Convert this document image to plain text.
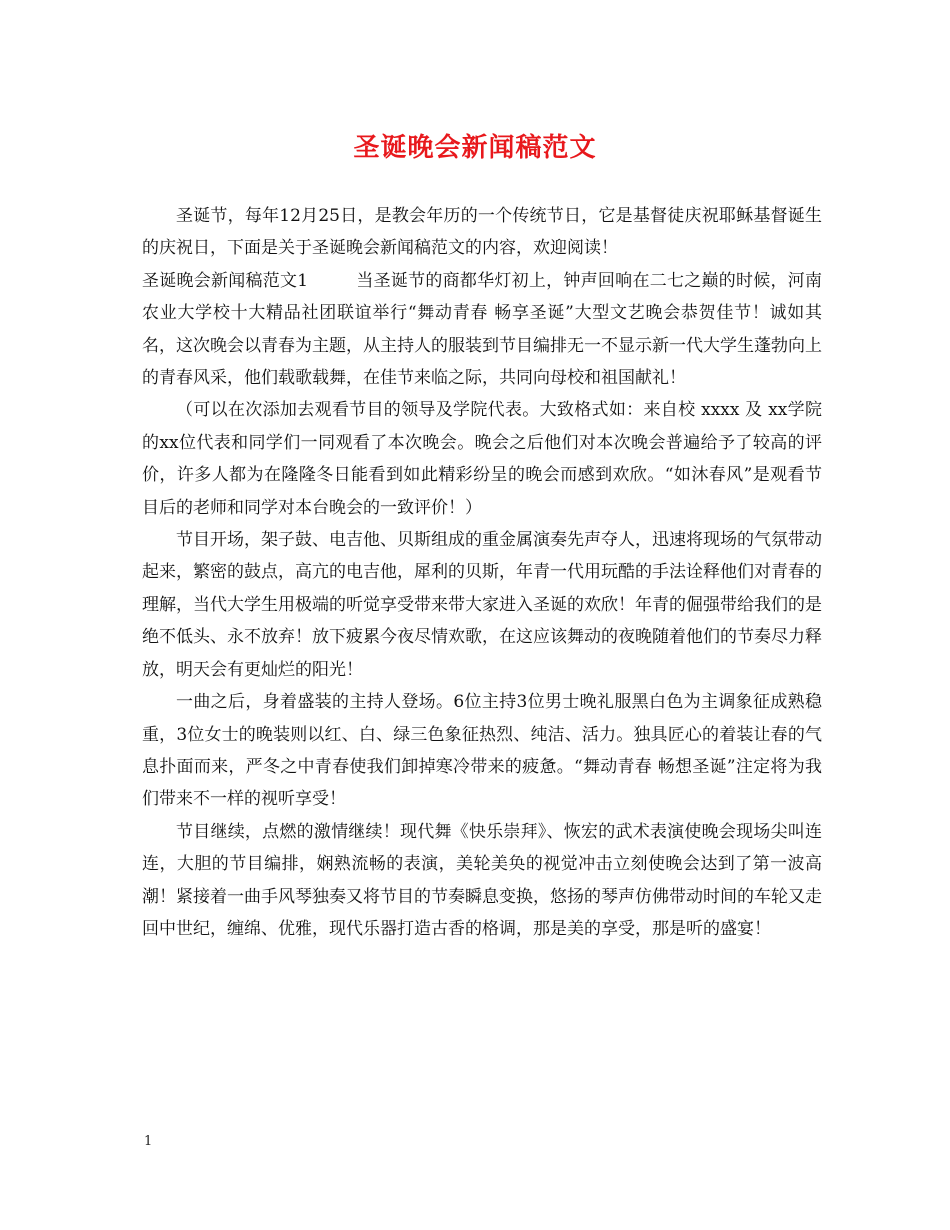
圣诞晚会新闻稿范文

圣诞节，每年12月25日，是教会年历的一个传统节日，它是基督徒庆祝耶稣基督诞生的庆祝日，下面是关于圣诞晚会新闻稿范文的内容，欢迎阅读！

圣诞晚会新闻稿范文1	当圣诞节的商都华灯初上，钟声回响在二七之巅的时候，河南农业大学校十大精品社团联谊举行“舞动青春 畅享圣诞”大型文艺晚会恭贺佳节！诚如其名，这次晚会以青春为主题，从主持人的服装到节目编排无一不显示新一代大学生蓬勃向上的青春风采，他们载歌载舞，在佳节来临之际，共同向母校和祖国献礼！

（可以在次添加去观看节目的领导及学院代表。大致格式如：来自校 xxxx 及 xx学院的xx位代表和同学们一同观看了本次晚会。晚会之后他们对本次晚会普遍给予了较高的评价，许多人都为在隆隆冬日能看到如此精彩纷呈的晚会而感到欢欣。“如沐春风”是观看节目后的老师和同学对本台晚会的一致评价！）

节目开场，架子鼓、电吉他、贝斯组成的重金属演奏先声夺人，迅速将现场的气氛带动起来，繁密的鼓点，高亢的电吉他，犀利的贝斯，年青一代用玩酷的手法诠释他们对青春的理解，当代大学生用极端的听觉享受带来带大家进入圣诞的欢欣！年青的倔强带给我们的是绝不低头、永不放弃！放下疲累今夜尽情欢歌，在这应该舞动的夜晚随着他们的节奏尽力释放，明天会有更灿烂的阳光！

一曲之后，身着盛装的主持人登场。6位主持3位男士晚礼服黑白色为主调象征成熟稳重，3位女士的晚装则以红、白、绿三色象征热烈、纯洁、活力。独具匠心的着装让春的气息扑面而来，严冬之中青春使我们卸掉寒冷带来的疲惫。“舞动青春 畅想圣诞”注定将为我们带来不一样的视听享受！

节目继续，点燃的激情继续！现代舞《快乐崇拜》、恢宏的武术表演使晚会现场尖叫连连，大胆的节目编排，娴熟流畅的表演，美轮美奂的视觉冲击立刻使晚会达到了第一波高潮！紧接着一曲手风琴独奏又将节目的节奏瞬息变换，悠扬的琴声仿佛带动时间的车轮又走回中世纪，缠绵、优雅，现代乐器打造古香的格调，那是美的享受，那是听的盛宴！

1
